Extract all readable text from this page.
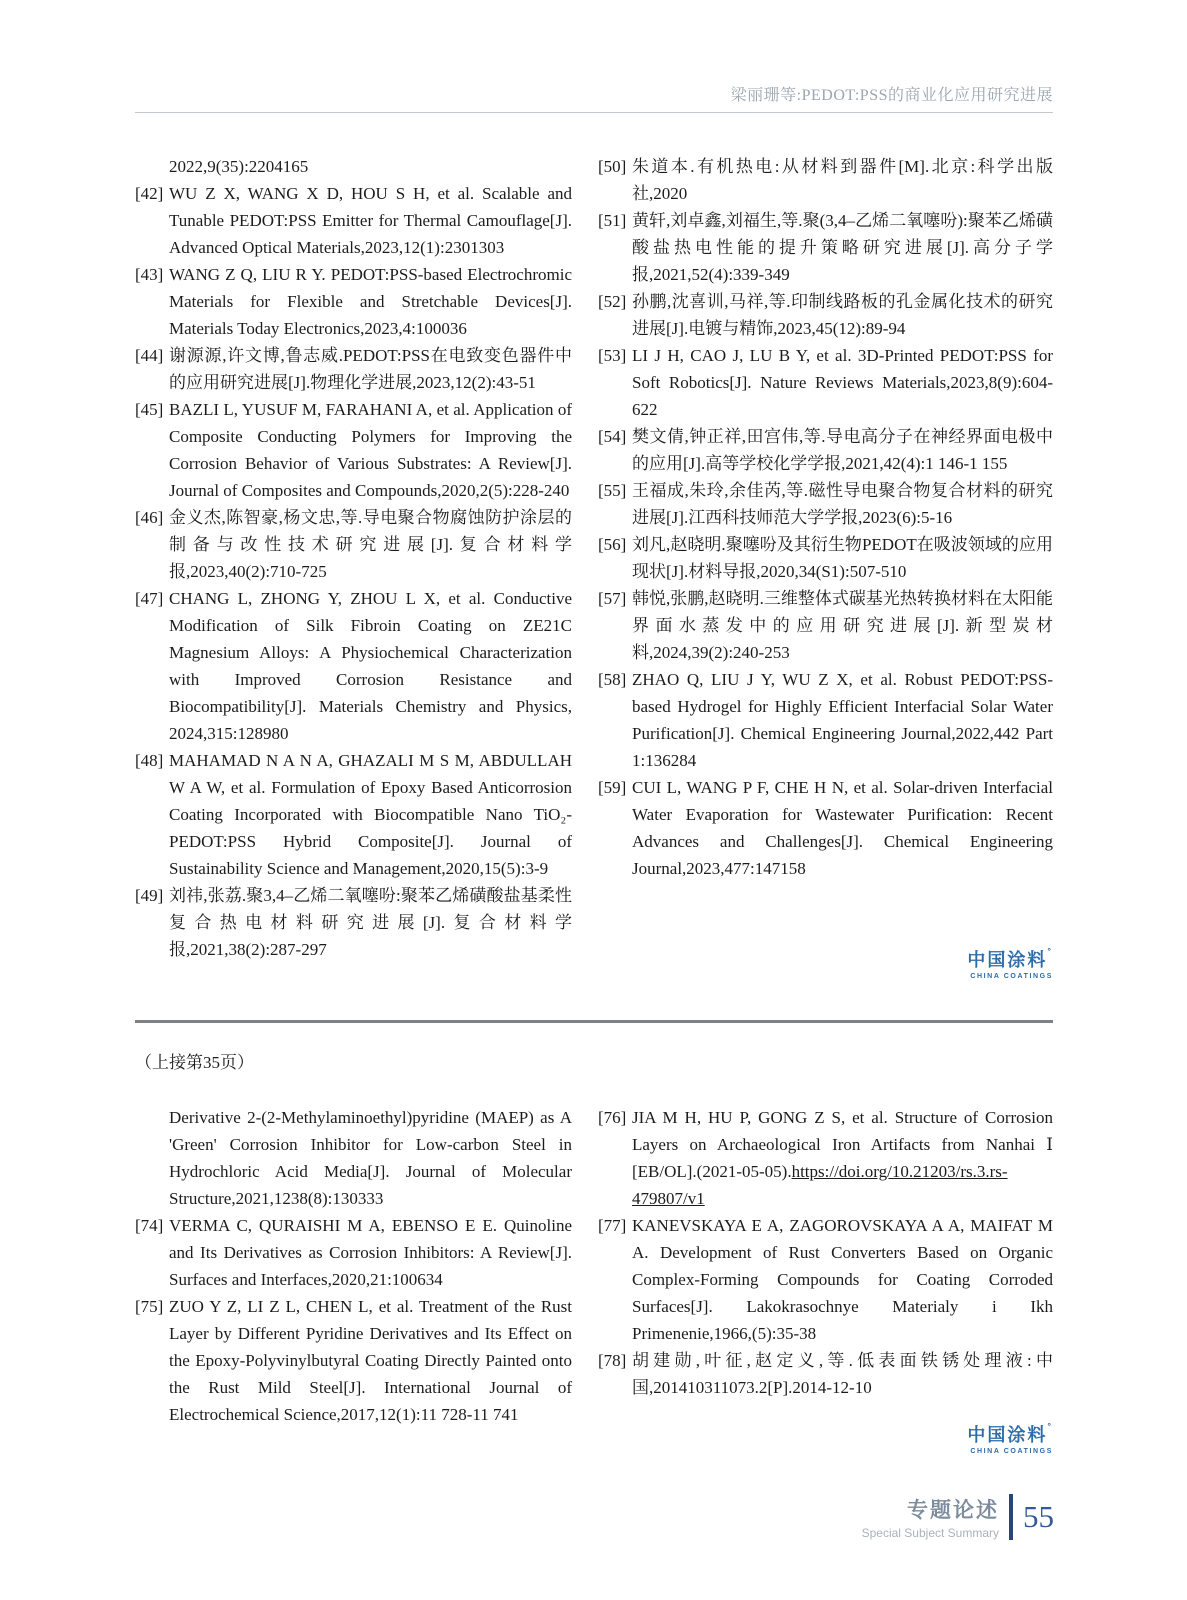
梁丽珊等:PEDOT:PSS的商业化应用研究进展
2022,9(35):2204165
[42] WU Z X, WANG X D, HOU S H, et al. Scalable and Tunable PEDOT:PSS Emitter for Thermal Camouflage[J]. Advanced Optical Materials,2023,12(1):2301303
[43] WANG Z Q, LIU R Y. PEDOT:PSS-based Electrochromic Materials for Flexible and Stretchable Devices[J]. Materials Today Electronics,2023,4:100036
[44] 谢源源,许文博,鲁志威.PEDOT:PSS在电致变色器件中的应用研究进展[J].物理化学进展,2023,12(2):43-51
[45] BAZLI L, YUSUF M, FARAHANI A, et al. Application of Composite Conducting Polymers for Improving the Corrosion Behavior of Various Substrates: A Review[J]. Journal of Composites and Compounds,2020,2(5):228-240
[46] 金义杰,陈智豪,杨文忠,等.导电聚合物腐蚀防护涂层的制备与改性技术研究进展[J].复合材料学报,2023,40(2):710-725
[47] CHANG L, ZHONG Y, ZHOU L X, et al. Conductive Modification of Silk Fibroin Coating on ZE21C Magnesium Alloys: A Physiochemical Characterization with Improved Corrosion Resistance and Biocompatibility[J]. Materials Chemistry and Physics, 2024,315:128980
[48] MAHAMAD N A N A, GHAZALI M S M, ABDULLAH W A W, et al. Formulation of Epoxy Based Anticorrosion Coating Incorporated with Biocompatible Nano TiO₂-PEDOT:PSS Hybrid Composite[J]. Journal of Sustainability Science and Management,2020,15(5):3-9
[49] 刘祎,张荔.聚3,4–乙烯二氧噻吩:聚苯乙烯磺酸盐基柔性复合热电材料研究进展[J].复合材料学报,2021,38(2):287-297
[50] 朱道本.有机热电:从材料到器件[M].北京:科学出版社,2020
[51] 黄轩,刘卓鑫,刘福生,等.聚(3,4–乙烯二氧噻吩):聚苯乙烯磺酸盐热电性能的提升策略研究进展[J].高分子学报,2021,52(4):339-349
[52] 孙鹏,沈喜训,马祥,等.印制线路板的孔金属化技术的研究进展[J].电镀与精饰,2023,45(12):89-94
[53] LI J H, CAO J, LU B Y, et al. 3D-Printed PEDOT:PSS for Soft Robotics[J]. Nature Reviews Materials,2023,8(9):604-622
[54] 樊文倩,钟正祥,田宫伟,等.导电高分子在神经界面电极中的应用[J].高等学校化学学报,2021,42(4):1 146-1 155
[55] 王福成,朱玲,余佳芮,等.磁性导电聚合物复合材料的研究进展[J].江西科技师范大学学报,2023(6):5-16
[56] 刘凡,赵晓明.聚噻吩及其衍生物PEDOT在吸波领域的应用现状[J].材料导报,2020,34(S1):507-510
[57] 韩悦,张鹏,赵晓明.三维整体式碳基光热转换材料在太阳能界面水蒸发中的应用研究进展[J].新型炭材料,2024,39(2):240-253
[58] ZHAO Q, LIU J Y, WU Z X, et al. Robust PEDOT:PSS-based Hydrogel for Highly Efficient Interfacial Solar Water Purification[J]. Chemical Engineering Journal,2022,442 Part 1:136284
[59] CUI L, WANG P F, CHE H N, et al. Solar-driven Interfacial Water Evaporation for Wastewater Purification: Recent Advances and Challenges[J]. Chemical Engineering Journal,2023,477:147158
中国涂料°
CHINA COATINGS
（上接第35页）
Derivative 2-(2-Methylaminoethyl)pyridine (MAEP) as A 'Green' Corrosion Inhibitor for Low-carbon Steel in Hydrochloric Acid Media[J]. Journal of Molecular Structure,2021,1238(8):130333
[74] VERMA C, QURAISHI M A, EBENSO E E. Quinoline and Its Derivatives as Corrosion Inhibitors: A Review[J]. Surfaces and Interfaces,2020,21:100634
[75] ZUO Y Z, LI Z L, CHEN L, et al. Treatment of the Rust Layer by Different Pyridine Derivatives and Its Effect on the Epoxy-Polyvinylbutyral Coating Directly Painted onto the Rust Mild Steel[J]. International Journal of Electrochemical Science,2017,12(1):11 728-11 741
[76] JIA M H, HU P, GONG Z S, et al. Structure of Corrosion Layers on Archaeological Iron Artifacts from Nanhai Ⅰ [EB/OL].(2021-05-05).https://doi.org/10.21203/rs.3.rs-479807/v1
[77] KANEVSKAYA E A, ZAGOROVSKAYA A A, MAIFAT M A. Development of Rust Converters Based on Organic Complex-Forming Compounds for Coating Corroded Surfaces[J]. Lakokrasochnye Materialy i Ikh Primenenie,1966,(5):35-38
[78] 胡建勋,叶征,赵定义,等.低表面铁锈处理液:中国,201410311073.2[P].2014-12-10
中国涂料°
CHINA COATINGS
专题论述
Special Subject Summary 55
